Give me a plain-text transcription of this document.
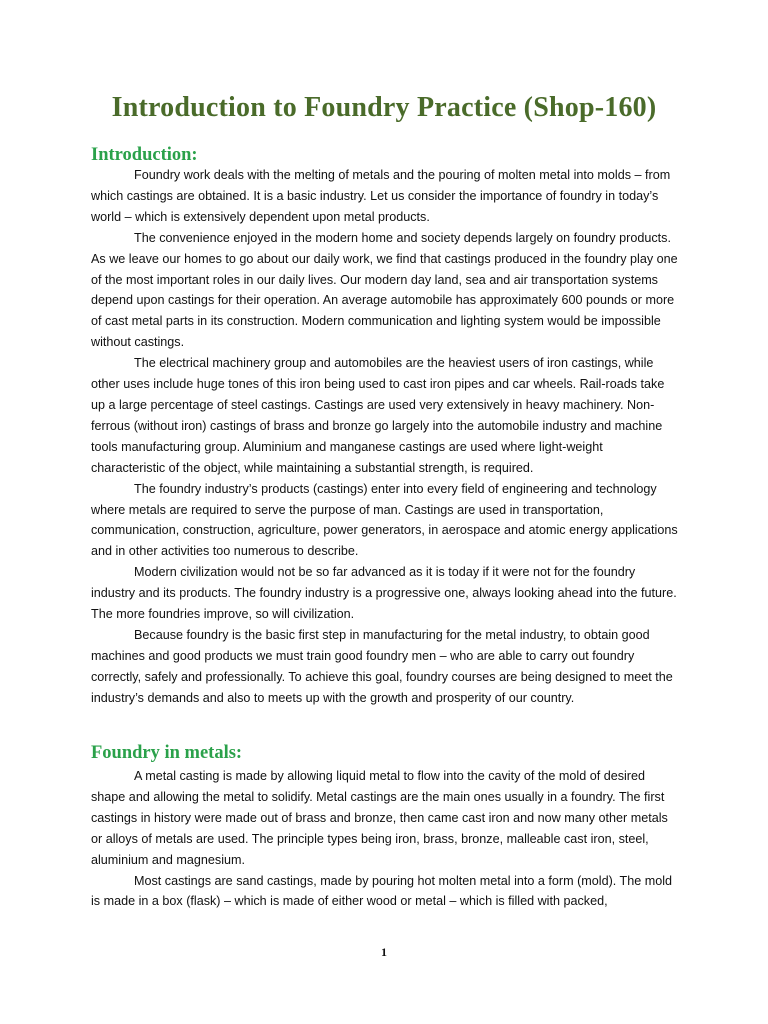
Introduction to Foundry Practice (Shop-160)
Introduction:

Foundry work deals with the melting of metals and the pouring of molten metal into molds – from which castings are obtained. It is a basic industry. Let us consider the importance of foundry in today’s world – which is extensively dependent upon metal products.

The convenience enjoyed in the modern home and society depends largely on foundry products. As we leave our homes to go about our daily work, we find that castings produced in the foundry play one of the most important roles in our daily lives. Our modern day land, sea and air transportation systems depend upon castings for their operation. An average automobile has approximately 600 pounds or more of cast metal parts in its construction. Modern communication and lighting system would be impossible without castings.

The electrical machinery group and automobiles are the heaviest users of iron castings, while other uses include huge tones of this iron being used to cast iron pipes and car wheels. Rail-roads take up a large percentage of steel castings. Castings are used very extensively in heavy machinery. Non-ferrous (without iron) castings of brass and bronze go largely into the automobile industry and machine tools manufacturing group. Aluminium and manganese castings are used where light-weight characteristic of the object, while maintaining a substantial strength, is required.

The foundry industry’s products (castings) enter into every field of engineering and technology where metals are required to serve the purpose of man. Castings are used in transportation, communication, construction, agriculture, power generators, in aerospace and atomic energy applications and in other activities too numerous to describe.

Modern civilization would not be so far advanced as it is today if it were not for the foundry industry and its products. The foundry industry is a progressive one, always looking ahead into the future. The more foundries improve, so will civilization.

Because foundry is the basic first step in manufacturing for the metal industry, to obtain good machines and good products we must train good foundry men – who are able to carry out foundry correctly, safely and professionally. To achieve this goal, foundry courses are being designed to meet the industry’s demands and also to meets up with the growth and prosperity of our country.

Foundry in metals:

A metal casting is made by allowing liquid metal to flow into the cavity of the mold of desired shape and allowing the metal to solidify. Metal castings are the main ones usually in a foundry. The first castings in history were made out of brass and bronze, then came cast iron and now many other metals or alloys of metals are used. The principle types being iron, brass, bronze, malleable cast iron, steel, aluminium and magnesium.

Most castings are sand castings, made by pouring hot molten metal into a form (mold). The mold is made in a box (flask) – which is made of either wood or metal – which is filled with packed,

1
